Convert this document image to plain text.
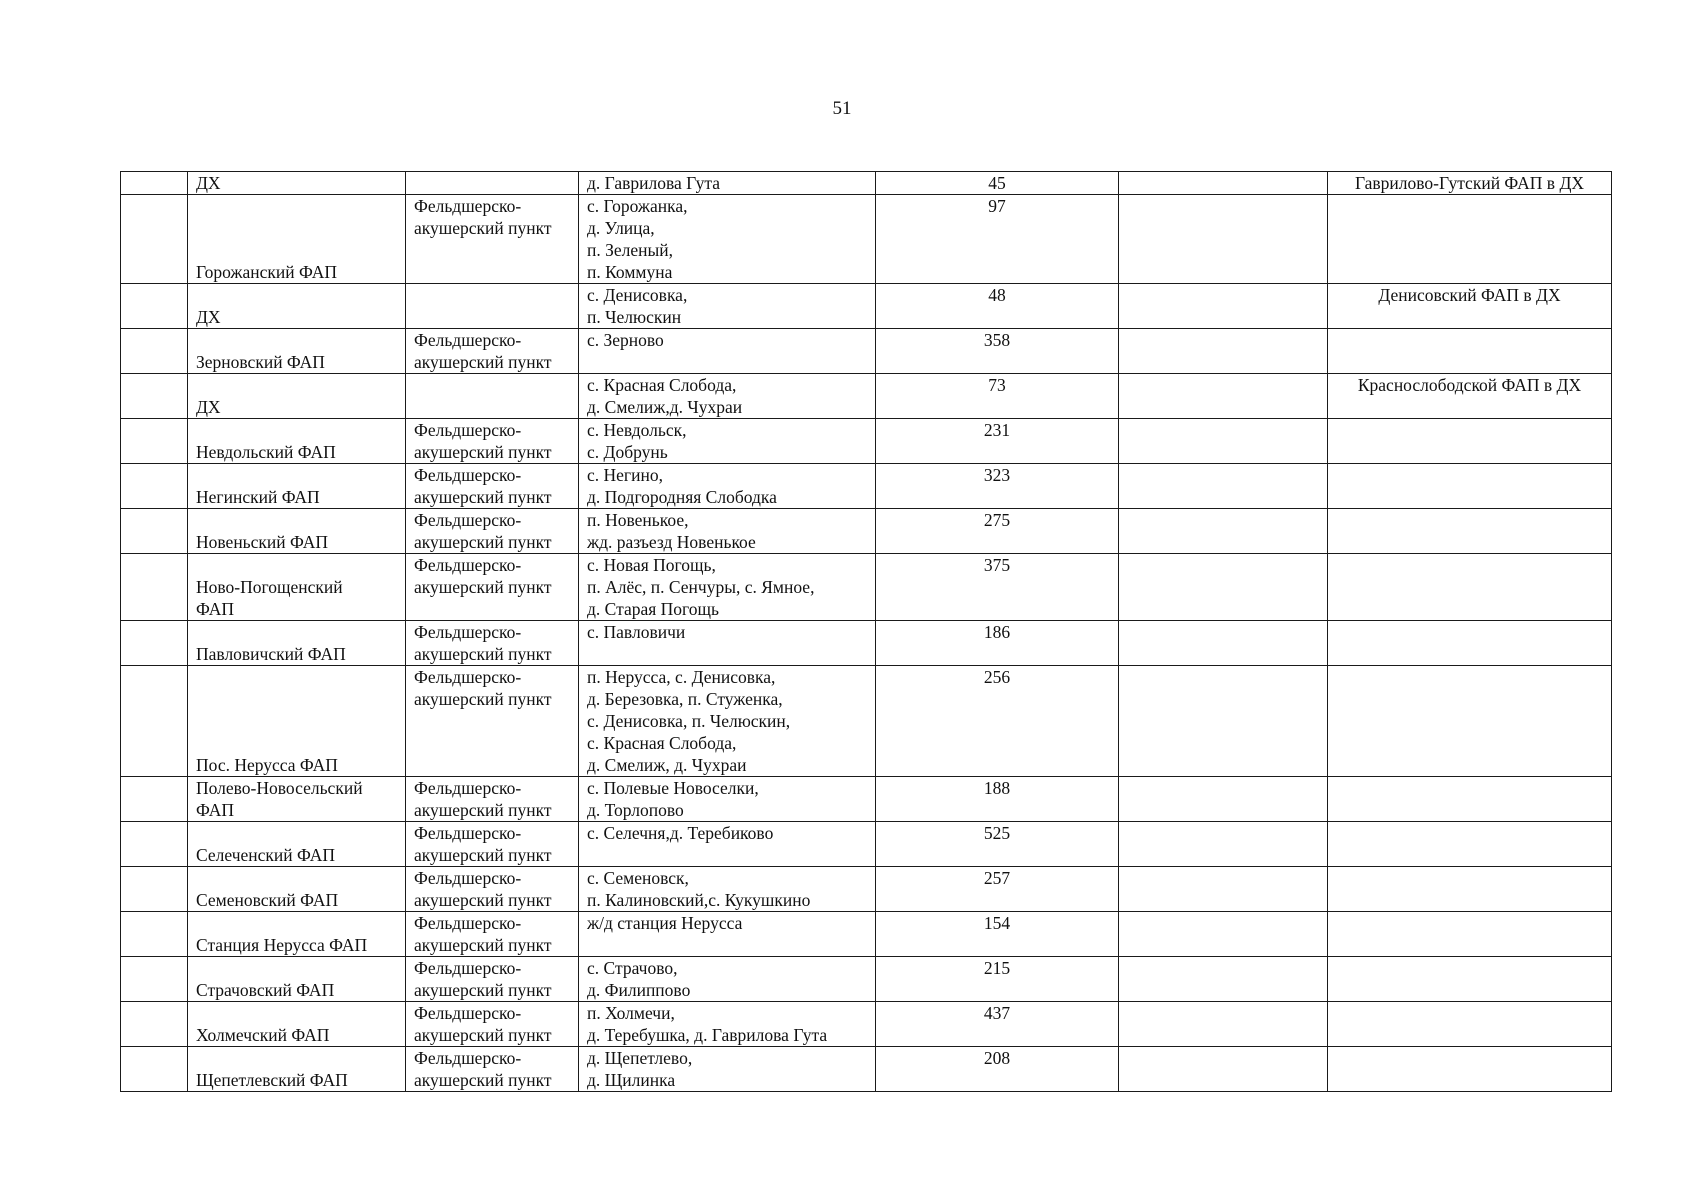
51
	ДХ		д. Гаврилова Гута	45		Гаврилово-Гутский ФАП в ДХ
	Горожанский ФАП	Фельдшерско-
акушерский пункт	с. Горожанка,
д. Улица,
п. Зеленый,
п. Коммуна	97		
	ДХ		с. Денисовка,
п. Челюскин	48		Денисовский ФАП в ДХ
	Зерновский ФАП	Фельдшерско-
акушерский пункт	с. Зерново	358		
	ДХ		с. Красная Слобода,
д. Смелиж,д. Чухраи	73		Краснослободской ФАП в ДХ
	Невдольский ФАП	Фельдшерско-
акушерский пункт	с. Невдольск,
с. Добрунь	231		
	Негинский ФАП	Фельдшерско-
акушерский пункт	с. Негино,
д. Подгородняя Слободка	323		
	Новеньский ФАП	Фельдшерско-
акушерский пункт	п. Новенькое,
жд. разъезд Новенькое	275		
	Ново-Погощенский
ФАП	Фельдшерско-
акушерский пункт	с. Новая Погощь,
п. Алёс, п. Сенчуры, с. Ямное,
д. Старая Погощь	375		
	Павловичский ФАП	Фельдшерско-
акушерский пункт	с. Павловичи	186		
	Пос. Нерусса ФАП	Фельдшерско-
акушерский пункт	п. Нерусса, с. Денисовка,
д. Березовка, п. Стуженка,
с. Денисовка, п. Челюскин,
с. Красная Слобода,
д. Смелиж, д. Чухраи	256		
	Полево-Новосельский
ФАП	Фельдшерско-
акушерский пункт	с. Полевые Новоселки,
д. Торлопово	188		
	Селеченский ФАП	Фельдшерско-
акушерский пункт	с. Селечня,д. Теребиково	525		
	Семеновский ФАП	Фельдшерско-
акушерский пункт	с. Семеновск,
п. Калиновский,с. Кукушкино	257		
	Станция Нерусса ФАП	Фельдшерско-
акушерский пункт	ж/д станция Нерусса	154		
	Страчовский ФАП	Фельдшерско-
акушерский пункт	с. Страчово,
д. Филиппово	215		
	Холмечский ФАП	Фельдшерско-
акушерский пункт	п. Холмечи,
д. Теребушка, д. Гаврилова Гута	437		
	Щепетлевский ФАП	Фельдшерско-
акушерский пункт	д. Щепетлево,
д. Щилинка	208		
